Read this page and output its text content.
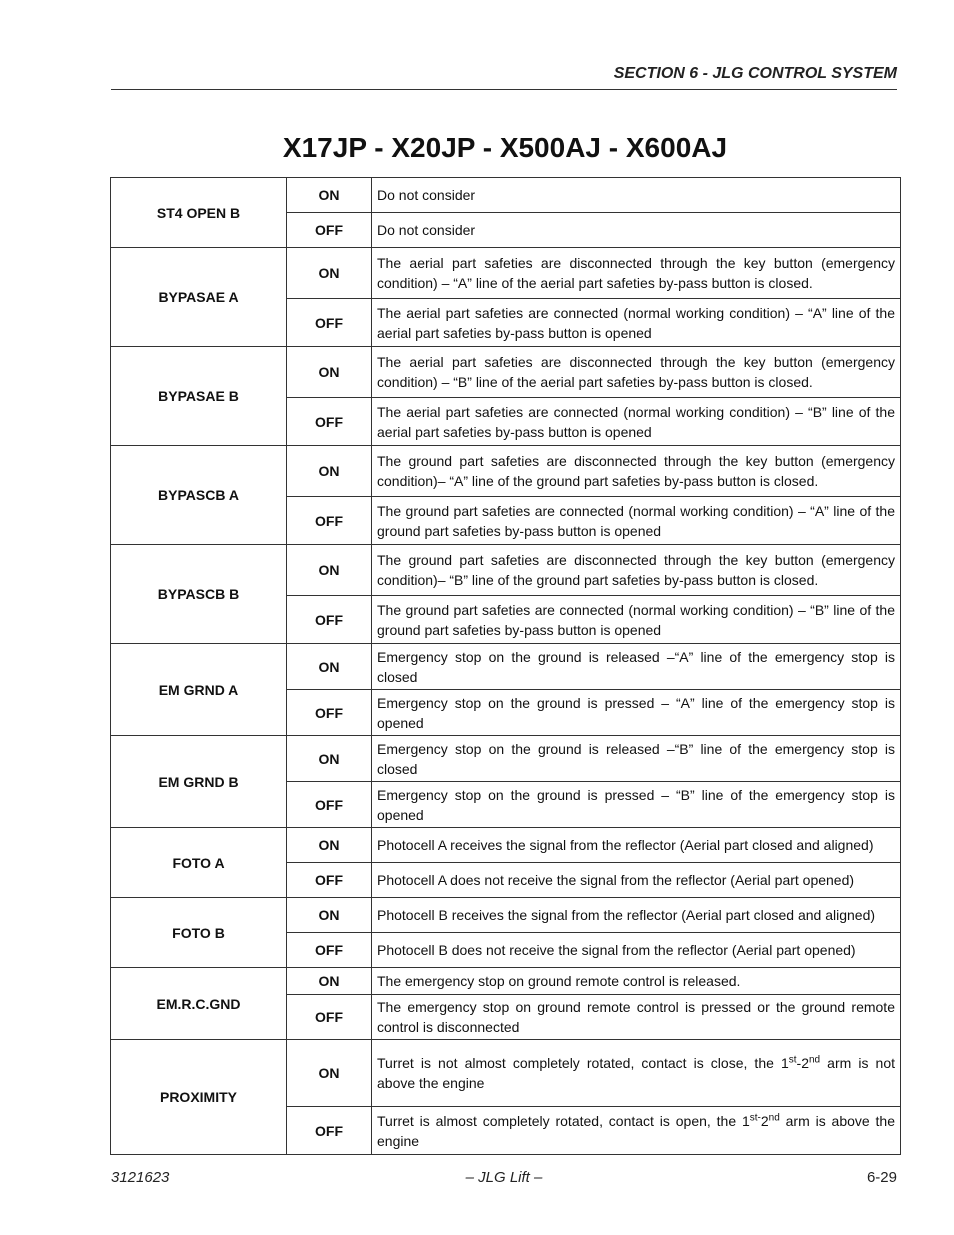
SECTION 6 - JLG CONTROL SYSTEM
X17JP - X20JP - X500AJ - X600AJ
ST4 OPEN B	ON	Do not consider
	OFF	Do not consider
BYPASAE A	ON	The aerial part safeties are disconnected through the key button (emergency condition) – “A” line of the aerial part safeties by-pass button is closed.
	OFF	The aerial part safeties are connected (normal working condition) – “A” line of the aerial part safeties by-pass button is opened
BYPASAE B	ON	The aerial part safeties are disconnected through the key button (emergency condition) – “B” line of the aerial part safeties by-pass button is closed.
	OFF	The aerial part safeties are connected (normal working condition) – “B” line of the aerial part safeties by-pass button is opened
BYPASCB A	ON	The ground part safeties are disconnected through the key button (emergency condition)– “A” line of the ground part safeties by-pass button is closed.
	OFF	The ground part safeties are connected (normal working condition) – “A” line of the ground part safeties by-pass button is opened
BYPASCB B	ON	The ground part safeties are disconnected through the key button (emergency condition)– “B” line of the ground part safeties by-pass button is closed.
	OFF	The ground part safeties are connected (normal working condition) – “B” line of the ground part safeties by-pass button is opened
EM GRND A	ON	Emergency stop on the ground is released –“A” line of the emergency stop is closed
	OFF	Emergency stop on the ground is pressed – “A” line of the emergency stop is opened
EM GRND B	ON	Emergency stop on the ground is released –“B” line of the emergency stop is closed
	OFF	Emergency stop on the ground is pressed – “B” line of the emergency stop is opened
FOTO A	ON	Photocell A receives the signal from the reflector (Aerial part closed and aligned)
	OFF	Photocell A does not receive the signal from the reflector (Aerial part opened)
FOTO B	ON	Photocell B receives the signal from the reflector (Aerial part closed and aligned)
	OFF	Photocell B does not receive the signal from the reflector (Aerial part opened)
EM.R.C.GND	ON	The emergency stop on ground remote control is released.
	OFF	The emergency stop on ground remote control is pressed or the ground remote control is disconnected
PROXIMITY	ON	Turret is not almost completely rotated, contact is close, the 1st-2nd arm is not above the engine
	OFF	Turret is almost completely rotated, contact is open, the $1^{st-}2nd$ arm is above the engine
3121623	– JLG Lift –	6-29
